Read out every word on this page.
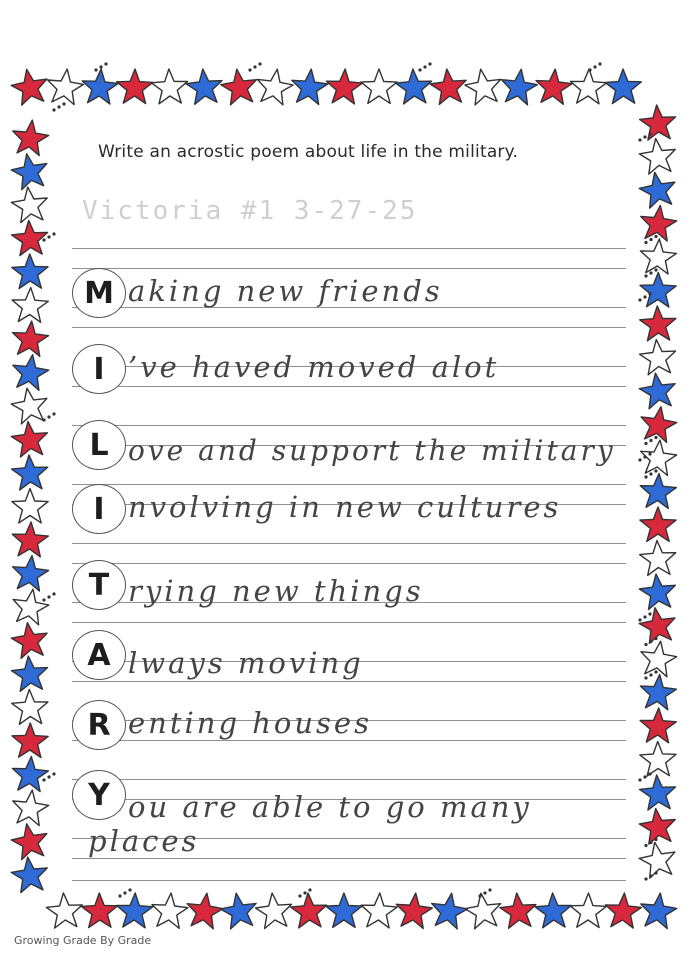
Write an acrostic poem about life in the military.
Victoria #1 3-27-25
M
I
L
I
T
A
R
Y
aking new friends
’ve haved moved alot
ove and support the military
nvolving in new cultures
rying new things
lways moving
enting houses
ou are able to go many
places
Growing Grade By Grade
